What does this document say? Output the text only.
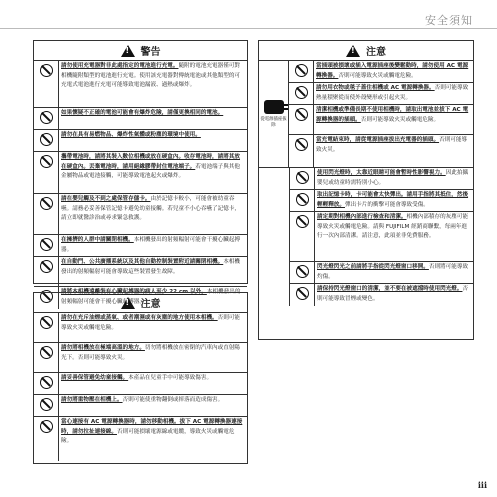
安全須知
!
警告
請勿使用充電器對非此處指定的電池進行充電。隨附的電池充電器僅可對相機隨附類型的電池進行充電。使用該充電器對傳統電池或其他類型的可充電式電池進行充電可能導致電池漏液、過熱或爆炸。
如果懷疑不正確的電池可能會有爆炸危險，請僅更換相同的電池。
請勿在具有易燃物品、爆炸性氣體或粉塵的環境中使用。
攜帶電池時，請將其裝入數位相機或放在硬盒內。收存電池時，請將其放在硬盒內。丟棄電池時，請用絕緣膠帶封住電池端子。若電池端子與其他金屬物品或電池接觸，可能導致電池起火或爆炸。
請在嬰兒觸及不到之處保管存儲卡。由於記憶卡較小，可能會被幼童吞嚥。請務必妥善保管記憶卡避免幼童接觸。若兒童不小心吞嚥了記憶卡，請立即就醫診治或尋求緊急救護。
在擁擠的人群中請關閉相機。本相機發出的射頻輻射可能會干擾心臟起搏器。
在自動門、公共廣播系統以及其他自動控制裝置附近請關閉相機。本相機發出的射頻輻射可能會導致這些裝置發生故障。
請將本相機遠離裝有心臟起搏器的病人至少 22 cm 以外。本相機發出的射頻輻射可能會干擾心臟起搏器。
!
注意
請勿在充斥油煙或蒸氣、或者潮濕或有灰塵的地方使用本相機。否則可能導致火災或觸電危險。
請勿將相機放在極端高溫的地方。切勿將相機放在密閉的汽車內或直射陽光下。否則可能導致火災。
請妥善保管避免幼童接觸。本產品在兒童手中可能導致傷害。
請勿將重物壓在相機上。否則可能使重物翻倒或摔落而造成傷害。
當心連接有 AC 電源轉換器時，請勿移動相機。拔下 AC 電源轉換器連接時，請勿拉扯連接線。否則可能損壞電源線或電纜，導致火災或觸電危險。
!
注意
從電源插座拔除
當插頭被損壞或插入電源插座後變鬆動時，請勿使用 AC 電源轉換器。否則可能導致火災或觸電危險。
請勿用衣物或毯子蓋住相機或 AC 電源轉換器。否則可能導致熱量積聚從而使外殼變形或引起火災。
清潔相機或準備長期不使用相機時，請取出電池並拔下 AC 電源轉換器的插頭。否則可能導致火災或觸電危險。
當充電結束時，請從電源插座拔出充電器的插頭。否則可能導致火災。
使用閃光燈時，太靠近眼睛可能會暫時性影響視力。因此拍攝嬰兒或幼童時需特別小心。
取出記憶卡時，卡可能會太快彈出。請用手指將其抵住，然後輕輕釋放。彈出卡片的衝擊可能會導致受傷。
請定期對相機內部進行檢查和清潔。相機內部積存的灰塵可能導致火災或觸電危險。請與 FUJIFILM 經銷商聯繫，每兩年進行一次內部清潔。請注意，此項並非免費服務。
閃光燈閃光之前請將手指從閃光燈窗口移開。否則將可能導致灼傷。
請保持閃光燈窗口的清潔，並不要在被遮擋時使用閃光燈。否則可能導致冒煙或變色。
iii
